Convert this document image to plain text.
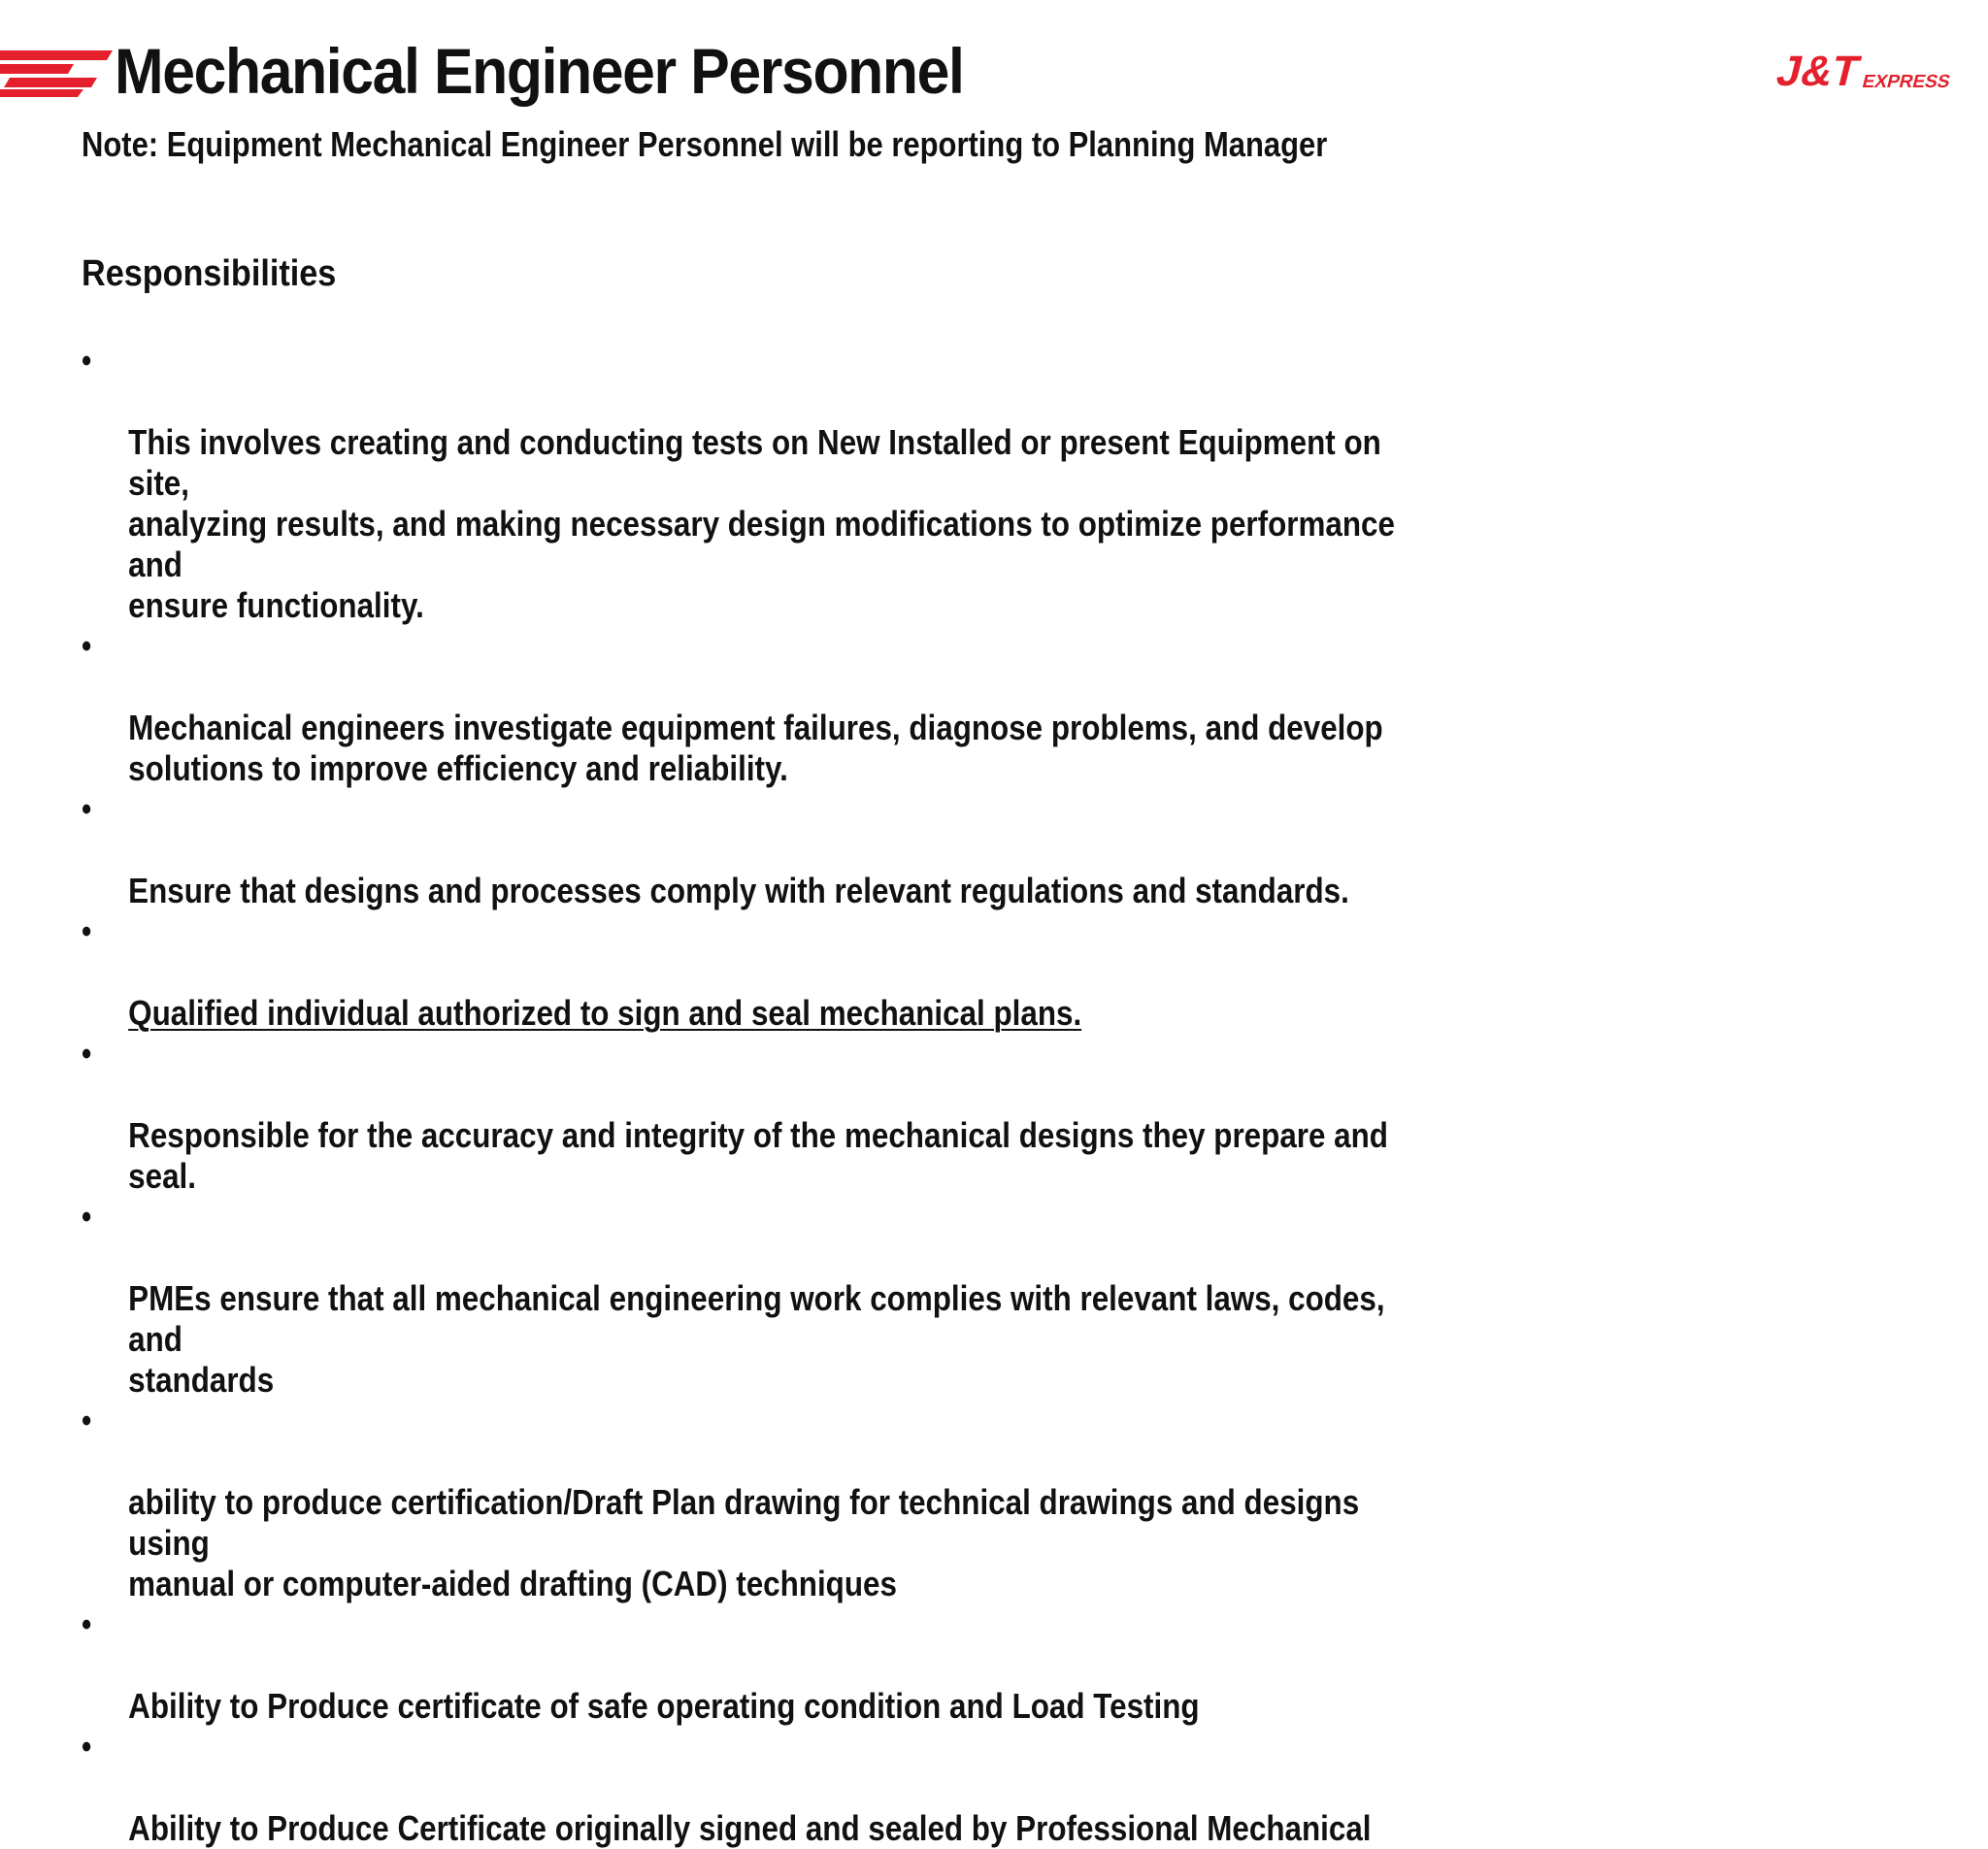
Mechanical Engineer Personnel	J&T
EXPRESS

Note: Equipment Mechanical Engineer Personnel will be reporting to Planning Manager

Responsibilities

•

This involves creating and conducting tests on New Installed or present Equipment on site,
analyzing results, and making necessary design modifications to optimize performance and
ensure functionality.

•

Mechanical engineers investigate equipment failures, diagnose problems, and develop
solutions to improve efficiency and reliability.

•

Ensure that designs and processes comply with relevant regulations and standards.

•

Qualified individual authorized to sign and seal mechanical plans.

•

Responsible for the accuracy and integrity of the mechanical designs they prepare and seal.

•

PMEs ensure that all mechanical engineering work complies with relevant laws, codes, and
standards

•

ability to produce certification/Draft Plan drawing for technical drawings and designs using
manual or computer-aided drafting (CAD) techniques

•

Ability to Produce certificate of safe operating condition and Load Testing

•

Ability to Produce Certificate originally signed and sealed by Professional Mechanical
